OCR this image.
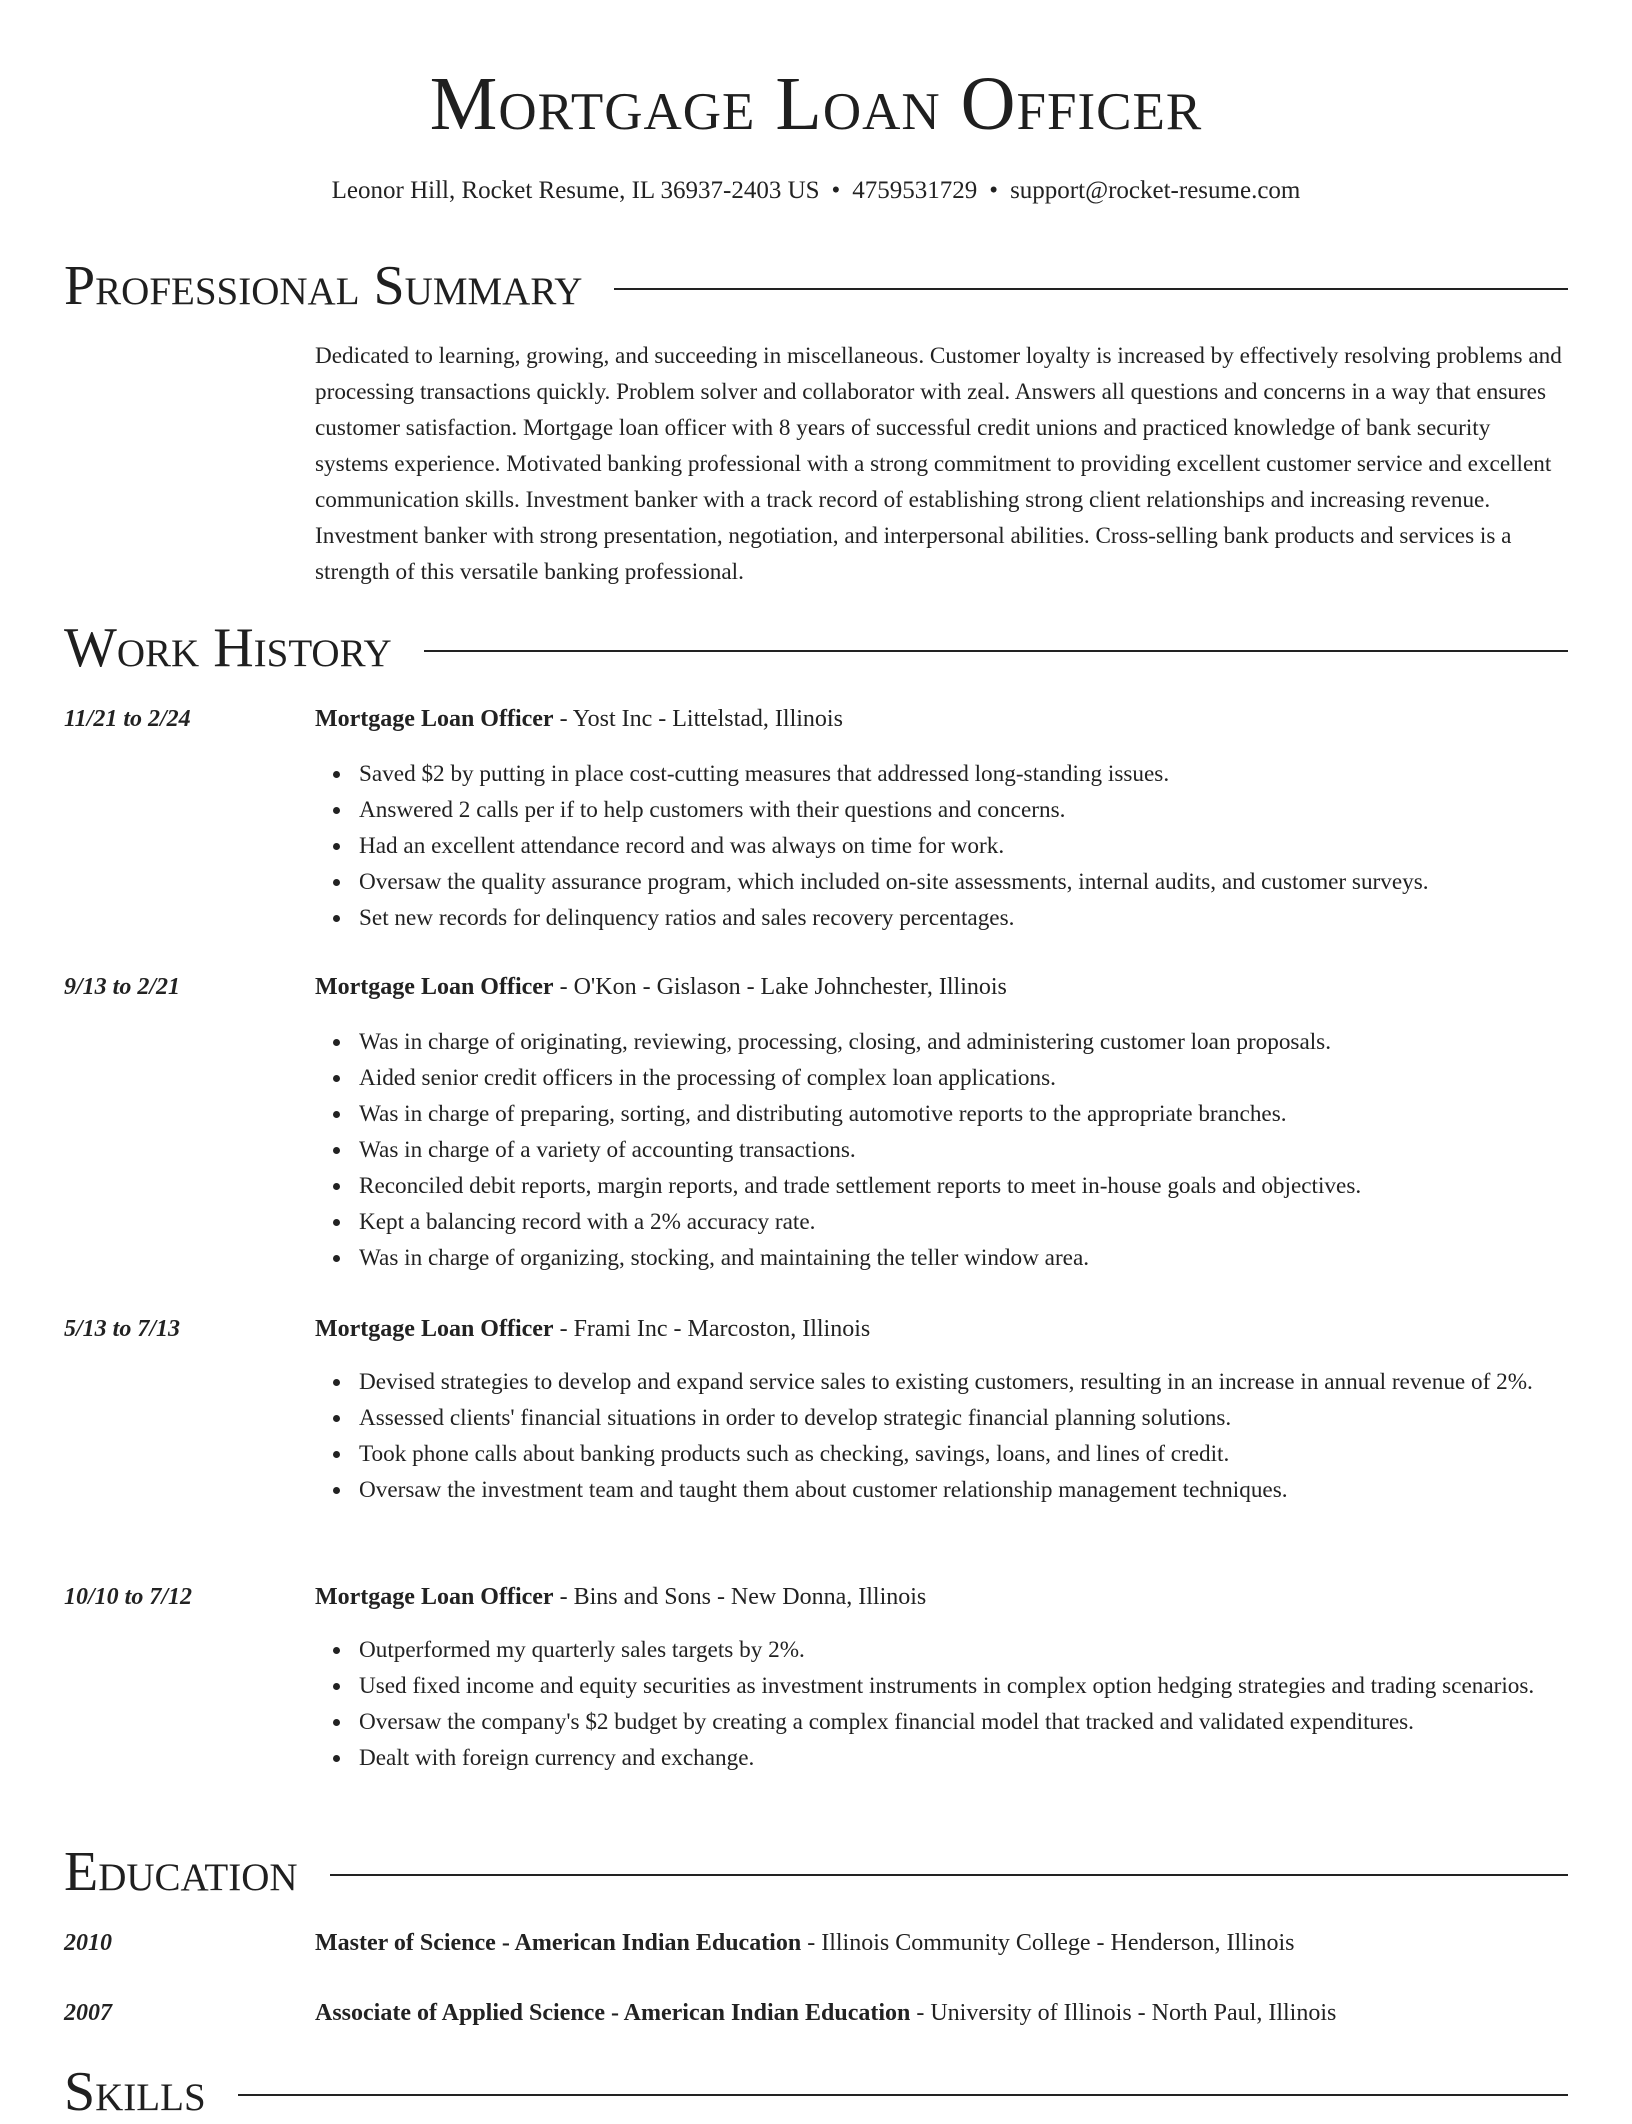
Mortgage Loan Officer
Leonor Hill, Rocket Resume, IL 36937-2403 US • 4759531729 • support@rocket-resume.com
Professional Summary
Dedicated to learning, growing, and succeeding in miscellaneous. Customer loyalty is increased by effectively resolving problems and processing transactions quickly. Problem solver and collaborator with zeal. Answers all questions and concerns in a way that ensures customer satisfaction. Mortgage loan officer with 8 years of successful credit unions and practiced knowledge of bank security systems experience. Motivated banking professional with a strong commitment to providing excellent customer service and excellent communication skills. Investment banker with a track record of establishing strong client relationships and increasing revenue. Investment banker with strong presentation, negotiation, and interpersonal abilities. Cross-selling bank products and services is a strength of this versatile banking professional.
Work History
11/21 to 2/24	Mortgage Loan Officer - Yost Inc - Littelstad, Illinois
Saved $2 by putting in place cost-cutting measures that addressed long-standing issues.
Answered 2 calls per if to help customers with their questions and concerns.
Had an excellent attendance record and was always on time for work.
Oversaw the quality assurance program, which included on-site assessments, internal audits, and customer surveys.
Set new records for delinquency ratios and sales recovery percentages.
9/13 to 2/21	Mortgage Loan Officer - O'Kon - Gislason - Lake Johnchester, Illinois
Was in charge of originating, reviewing, processing, closing, and administering customer loan proposals.
Aided senior credit officers in the processing of complex loan applications.
Was in charge of preparing, sorting, and distributing automotive reports to the appropriate branches.
Was in charge of a variety of accounting transactions.
Reconciled debit reports, margin reports, and trade settlement reports to meet in-house goals and objectives.
Kept a balancing record with a 2% accuracy rate.
Was in charge of organizing, stocking, and maintaining the teller window area.
5/13 to 7/13	Mortgage Loan Officer - Frami Inc - Marcoston, Illinois
Devised strategies to develop and expand service sales to existing customers, resulting in an increase in annual revenue of 2%.
Assessed clients' financial situations in order to develop strategic financial planning solutions.
Took phone calls about banking products such as checking, savings, loans, and lines of credit.
Oversaw the investment team and taught them about customer relationship management techniques.
10/10 to 7/12	Mortgage Loan Officer - Bins and Sons - New Donna, Illinois
Outperformed my quarterly sales targets by 2%.
Used fixed income and equity securities as investment instruments in complex option hedging strategies and trading scenarios.
Oversaw the company's $2 budget by creating a complex financial model that tracked and validated expenditures.
Dealt with foreign currency and exchange.
Education
2010	Master of Science - American Indian Education - Illinois Community College - Henderson, Illinois
2007	Associate of Applied Science - American Indian Education - University of Illinois - North Paul, Illinois
Skills
